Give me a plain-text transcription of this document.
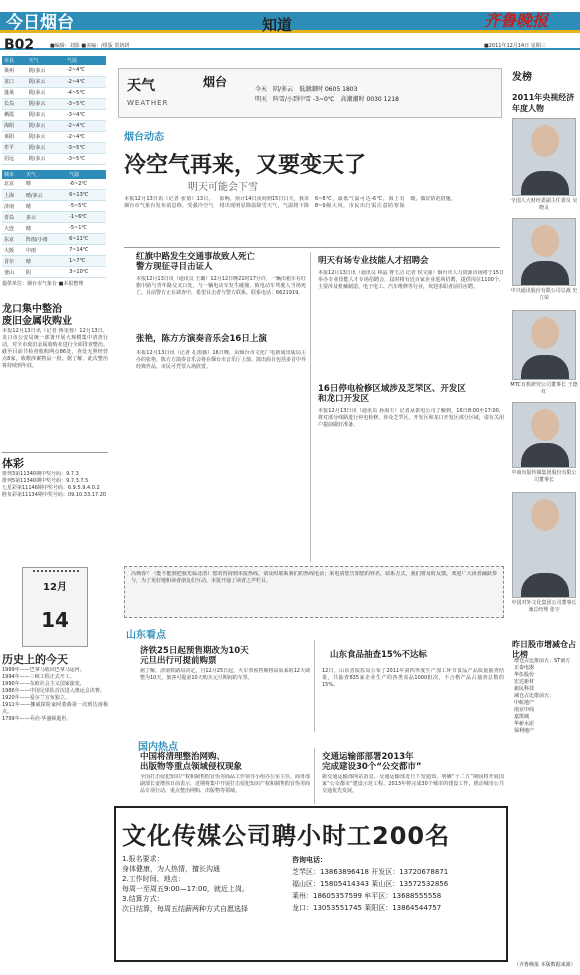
今日烟台	知道	齐鲁晚报
B02	■编辑：刘影 ■美编：/组版 贺妍妍	■2011年12月14日 星期三
市县	天气	气温
莱州	阴/多云	-2~4℃
龙口	阴/多云	-2~4℃
蓬莱	阴/多云	-4~5℃
长岛	阴/多云	-3~5℃
栖霞	阴/多云	-3~4℃
海阳	阴/多云	-2~4℃
莱阳	阴/多云	-2~4℃
牟平	阴/多云	-3~5℃
招远	阴/多云	-3~5℃
城市	天气	气温
北京	晴	-6~2℃
上海	晴/多云	6~13℃
济南	晴	-5~5℃
青岛	多云	-1~6℃
大连	晴	-5~1℃
东京	阵雨/小雨	6~11℃
大阪	中雨	7~14℃
首尔	晴	1~7℃
釜山	阴	3~10℃
提供单位：烟台市气象台 ■本报整理
龙口集中整治
废旧金属收购业
本报12月13日讯（记者 蒋雯蓉）12月13日，龙口市公安局统一部署开展大规模集中清查行动，对全市废旧金属收购业进行全面排查整治。截至目前共检查收购网点86处，查处无照经营点8家，收缴涉案物品一批。据了解，此次整治将持续到年底。
体彩
排列3第11340期中奖号码：9.7.3
排列5第11340期中奖号码：9.7.3.7.5
七星彩第11146期中奖号码：6.9.5.9.4.0.2
胜负彩第11134期中奖号码：09.10.33.17.20
12月
14
历史上的今天
1999年——巴拿马收回巴拿马运河。
1994年——三峡工程正式开工。
1990年——东欧社会主义国家演变。
1986年——中国足球队首次进入奥运会决赛。
1920年——爱尔兰宣布独立。
1911年——挪威探险家阿蒙森第一次到达南极点。
1799年——乔治·华盛顿逝世。
天气
WEATHER
烟台
今天　 阴/多云　 低潮潮时 0605 1803
明天　 阵雪/小到中雪 -3~0℃　 高潮潮时 0030 1218
烟台动态
冷空气再来，又要变天了
明天可能会下雪
本报12月13日讯（记者 张倩）13日，烟台市气象台发布消息称，受强冷空气影响，预计14日夜间到15日白天，我市将出现明显降温降雪天气，气温将下降6~8℃，最低气温可达-6℃，海上有8~9级大风。市民出行需注意防寒保暖，做好防范措施。
红旗中路发生交通事故致人死亡
警方现征寻目击证人
本报12月13日讯（通讯员 王璐）12月12日晚21时17分许，一辆出租车在红旗中路与青年路交叉口处，与一辆电动车发生碰撞，致电动车驾驶人当场死亡。目前警方正在调查中，希望目击者与警方联系。联系电话：6621919。
张艳，陈方方演奏音乐会16日上演
本报12月13日讯（记者 孔雨薇）16日晚，由烟台市文化广电新闻出版局主办的张艳、陈方方演奏音乐会将在烟台市音乐厅上演。演出曲目包括多首中外经典作品，市民可凭票入场欣赏。
明天有场专业技能人才招聘会
本报12月13日讯（通讯员 林晶 曹玉洁 记者 侯文强）烟台市人力资源市场将于15日举办专业技能人才专场招聘会，届时将有近百家企业进场招聘，提供岗位1100个，主要涉及机械制造、电子电工、汽车维修等行业，欢迎求职者前往应聘。
16日停电检修区域涉及芝罘区、开发区和龙口开发区
本报12月13日讯（通讯员 孙海玉）记者从供电公司了解到，16日8:00至17:00，将对部分线路进行停电检修，涉及芝罘区、开发区和龙口开发区部分区域，请有关用户提前做好准备。
冯焕春？（能不能到把我光临北清）您的咨询到本报热线，请及时联系我们的热线电话；来电请您告知您的姓名、联系方式，我们将及时反馈。欢迎广大读者踊跃参与，为了更好地和读者朋友们互动，本报开通了读者之声栏目。
山东看点
济铁25日起预售期改为10天
元旦出行可提前购票
据了解，济南铁路局决定，自12月25日起，火车票预售期将由原来的12天调整为10天，旅客可提前10天购买元旦期间的车票。
山东食品抽查15%不达标
12日，山东省质监局公布了2011年第四季度生产加工环节食品产品质量抽查结果，共抽查835家企业生产的各类食品1000批次，不合格产品占抽查总数的15%。
国内热点
中国将清理整治网购、
出版物等重点领域侵权现象
全国打击侵犯知识产权和制售假冒伪劣商品工作领导小组办公室主任、商务部副部长姜增伟日前表示，近期将集中开展打击侵犯知识产权和制售假冒伪劣商品专项行动，重点整治网购、出版物等领域。
交通运输部部署2013年
完成建设30个“公交都市”
据交通运输部网站消息，交通运输部近日下发通知，明确“十二五”期间将开展国家“公交都市”建设示范工程，2013年将完成30个城市的建设工作，推动城市公共交通优先发展。
发榜
2011年央视经济年度人物
全国人大财经委副主任委员 吴晓灵
中兴通讯股份有限公司总裁 史立荣
MTC有机研究公司董事长 王德红
中商出版传媒集团股份有限公司董事长
中国对外文化集团公司董事长兼总经理 张宇
昨日股市增减仓占比榜
增仓占比排前五：ST南方
正泰电器
华伍股份
宏达新材
新民科技
减仓占比排前五：
中航地产
南京中商
嘉凯城
华新水泥
保利地产
（齐鲁晚报 本版数据来源）
文化传媒公司聘小时工200名
1.报名要求：
身体健康，为人热情，擅长沟通
2.工作时间、地点：
每周一至周五9:00—17:00，就近上岗。
3.结算方式：
次日结算，每周五结薪两种方式自愿选择
咨询电话：
芝罘区：13863896418 开发区：13720678871
福山区：15805414343 莱山区：13572532856
莱州：18605357599 牟平区：13688555558
龙口：13053551745 莱阳区：13864544757
